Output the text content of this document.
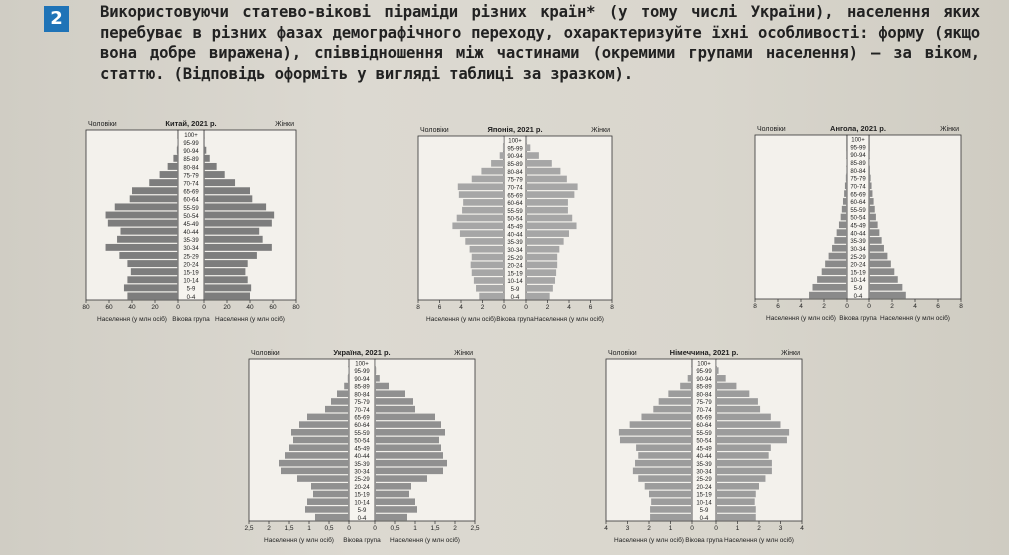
2	Використовуючи статево-вікові піраміди різних країн* (у тому числі України), населення яких перебуває в різних фазах демографічного переходу, охарактеризуйте їхні особливості: форму (якщо вона добре виражена), співвідношення між частинами (окремими групами населення) — за віком, статтю. (Відповідь оформіть у вигляді таблиці за зразком).
Чоловіки	Китай, 2021 р.	Жінки
0-4
5-9
10-14
15-19
20-24
25-29
30-34
35-39
40-44
45-49
50-54
55-59
60-64
65-69
70-74
75-79
80-84
85-89
90-94
95-99
100+
80 60 40 20	0	0	20 40 60 80
Населення (у млн осіб) Вікова група Населення (у млн осіб)
Чоловіки	Японія, 2021 р.	Жінки
0-4
5-9
10-14
15-19
20-24
25-29
30-34
35-39
40-44
45-49
50-54
55-59
60-64
65-69
70-74
75-79
80-84
85-89
90-94
95-99
100+
8	6	4	2	0	0	2	4	6	8
Населення (у млн осіб) Вікова група Населення (у млн осіб)
Чоловіки	Ангола, 2021 р.	Жінки
0-4
5-9
10-14
15-19
20-24
25-29
30-34
35-39
40-44
45-49
50-54
55-59
60-64
65-69
70-74
75-79
80-84
85-89
90-94
95-99
100+
8	6	4	2	0	0	2	4	6	8
Населення (у млн осіб) Вікова група Населення (у млн осіб)
Чоловіки	Україна, 2021 р.	Жінки
0-4
5-9
10-14
15-19
20-24
25-29
30-34
35-39
40-44
45-49
50-54
55-59
60-64
65-69
70-74
75-79
80-84
85-89
90-94
95-99
100+
2,5 2 1,5 1 0,5 0	0 0,5 1 1,5 2 2,5
Населення (у млн осіб) Вікова група Населення (у млн осіб)
Чоловіки	Німеччина, 2021 р.	Жінки
0-4
5-9
10-14
15-19
20-24
25-29
30-34
35-39
40-44
45-49
50-54
55-59
60-64
65-69
70-74
75-79
80-84
85-89
90-94
95-99
100+
4	3	2	1	0	0	1	2	3	4
Населення (у млн осіб) Вікова група Населення (у млн осіб)
